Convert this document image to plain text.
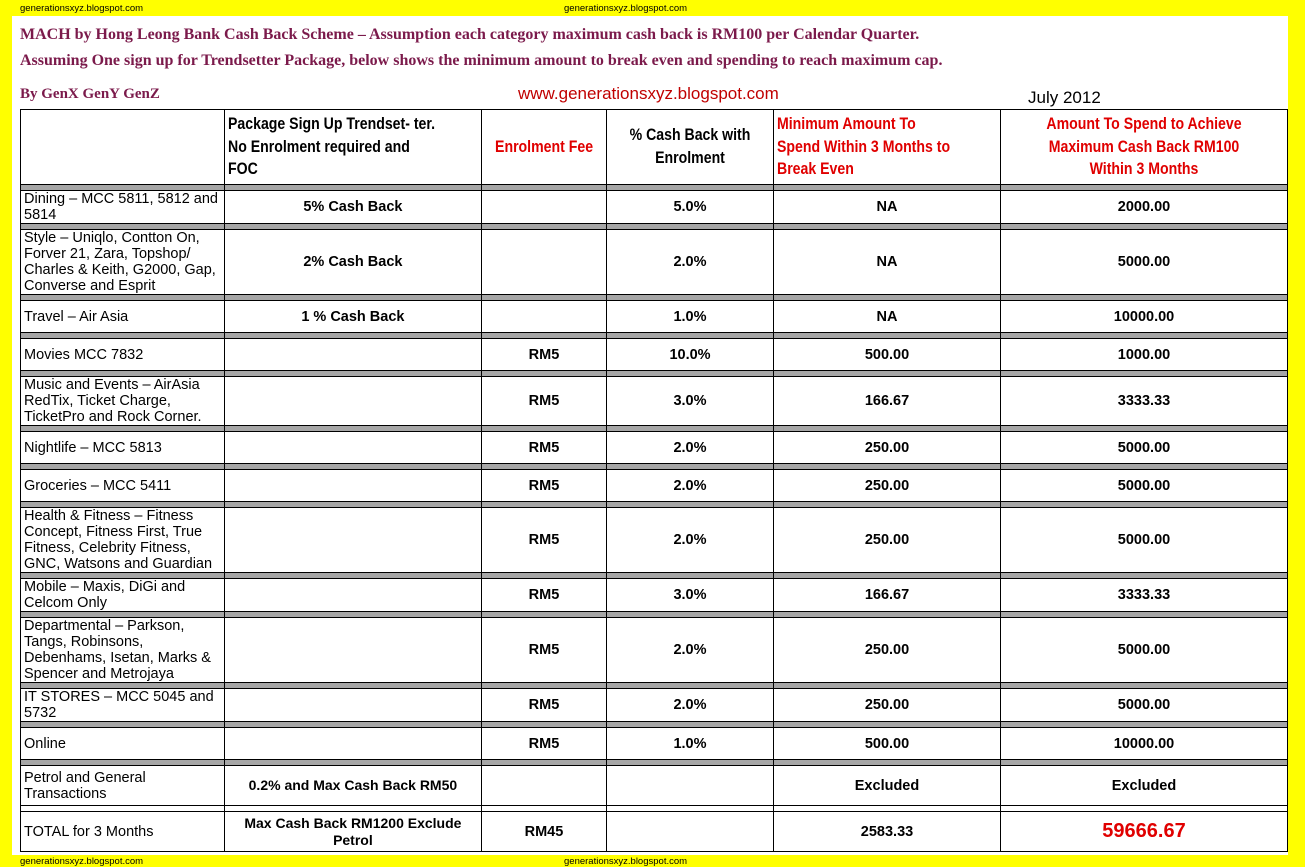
generationsxyz.blogspot.com	generationsxyz.blogspot.com
generationsxyz.blogspot.com	generationsxyz.blogspot.com
MACH by Hong Leong Bank Cash Back Scheme – Assumption each category maximum cash back is RM100 per Calendar Quarter.
Assuming One sign up for Trendsetter Package, below shows the minimum amount to break even and spending to reach maximum cap.
By GenX GenY GenZ	www.generationsxyz.blogspot.com	July 2012
	Package Sign Up Trendset- ter. No Enrolment required and FOC	Enrolment Fee	% Cash Back with Enrolment	Minimum Amount To Spend Within 3 Months to Break Even	Amount To Spend to Achieve Maximum Cash Back RM100 Within 3 Months

Dining – MCC 5811, 5812 and 5814	5% Cash Back		5.0%	NA	2000.00

Style – Uniqlo, Contton On, Forver 21, Zara, Topshop/ Charles & Keith, G2000, Gap, Converse and Esprit	2% Cash Back		2.0%	NA	5000.00

Travel – Air Asia	1 % Cash Back		1.0%	NA	10000.00

Movies MCC 7832		RM5	10.0%	500.00	1000.00

Music and Events – AirAsia RedTix, Ticket Charge, TicketPro and Rock Corner.		RM5	3.0%	166.67	3333.33

Nightlife – MCC 5813		RM5	2.0%	250.00	5000.00

Groceries – MCC 5411		RM5	2.0%	250.00	5000.00

Health & Fitness – Fitness Concept, Fitness First, True Fitness, Celebrity Fitness, GNC, Watsons and Guardian		RM5	2.0%	250.00	5000.00

Mobile – Maxis, DiGi and Celcom Only		RM5	3.0%	166.67	3333.33

Departmental – Parkson, Tangs, Robinsons, Debenhams, Isetan, Marks & Spencer and Metrojaya		RM5	2.0%	250.00	5000.00

IT STORES – MCC 5045 and 5732		RM5	2.0%	250.00	5000.00

Online		RM5	1.0%	500.00	10000.00

Petrol and General Transactions	0.2% and Max Cash Back RM50			Excluded	Excluded

TOTAL for 3 Months	Max Cash Back RM1200 Exclude Petrol	RM45		2583.33	59666.67
